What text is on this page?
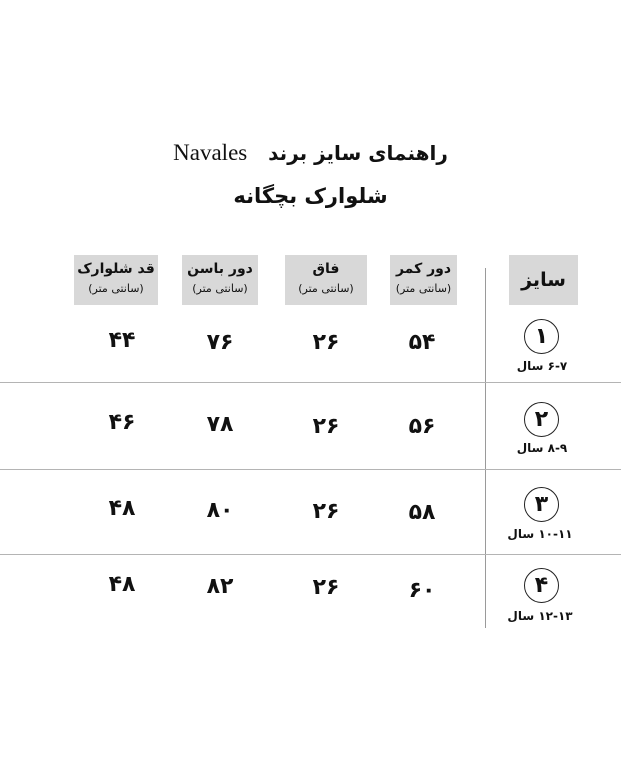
راهنمای سایز برند   Navales
شلوارک بچگانه
سایز
دور کمر
(سانتی متر)
فاق
(سانتی متر)
دور باسن
(سانتی متر)
قد شلوارک
(سانتی متر)
۱
۶-۷ سال
۵۴
۲۶
۷۶
۴۴
۲
۸-۹ سال
۵۶
۲۶
۷۸
۴۶
۳
۱۰-۱۱ سال
۵۸
۲۶
۸۰
۴۸
۴
۱۲-۱۳ سال
۶۰
۲۶
۸۲
۴۸
